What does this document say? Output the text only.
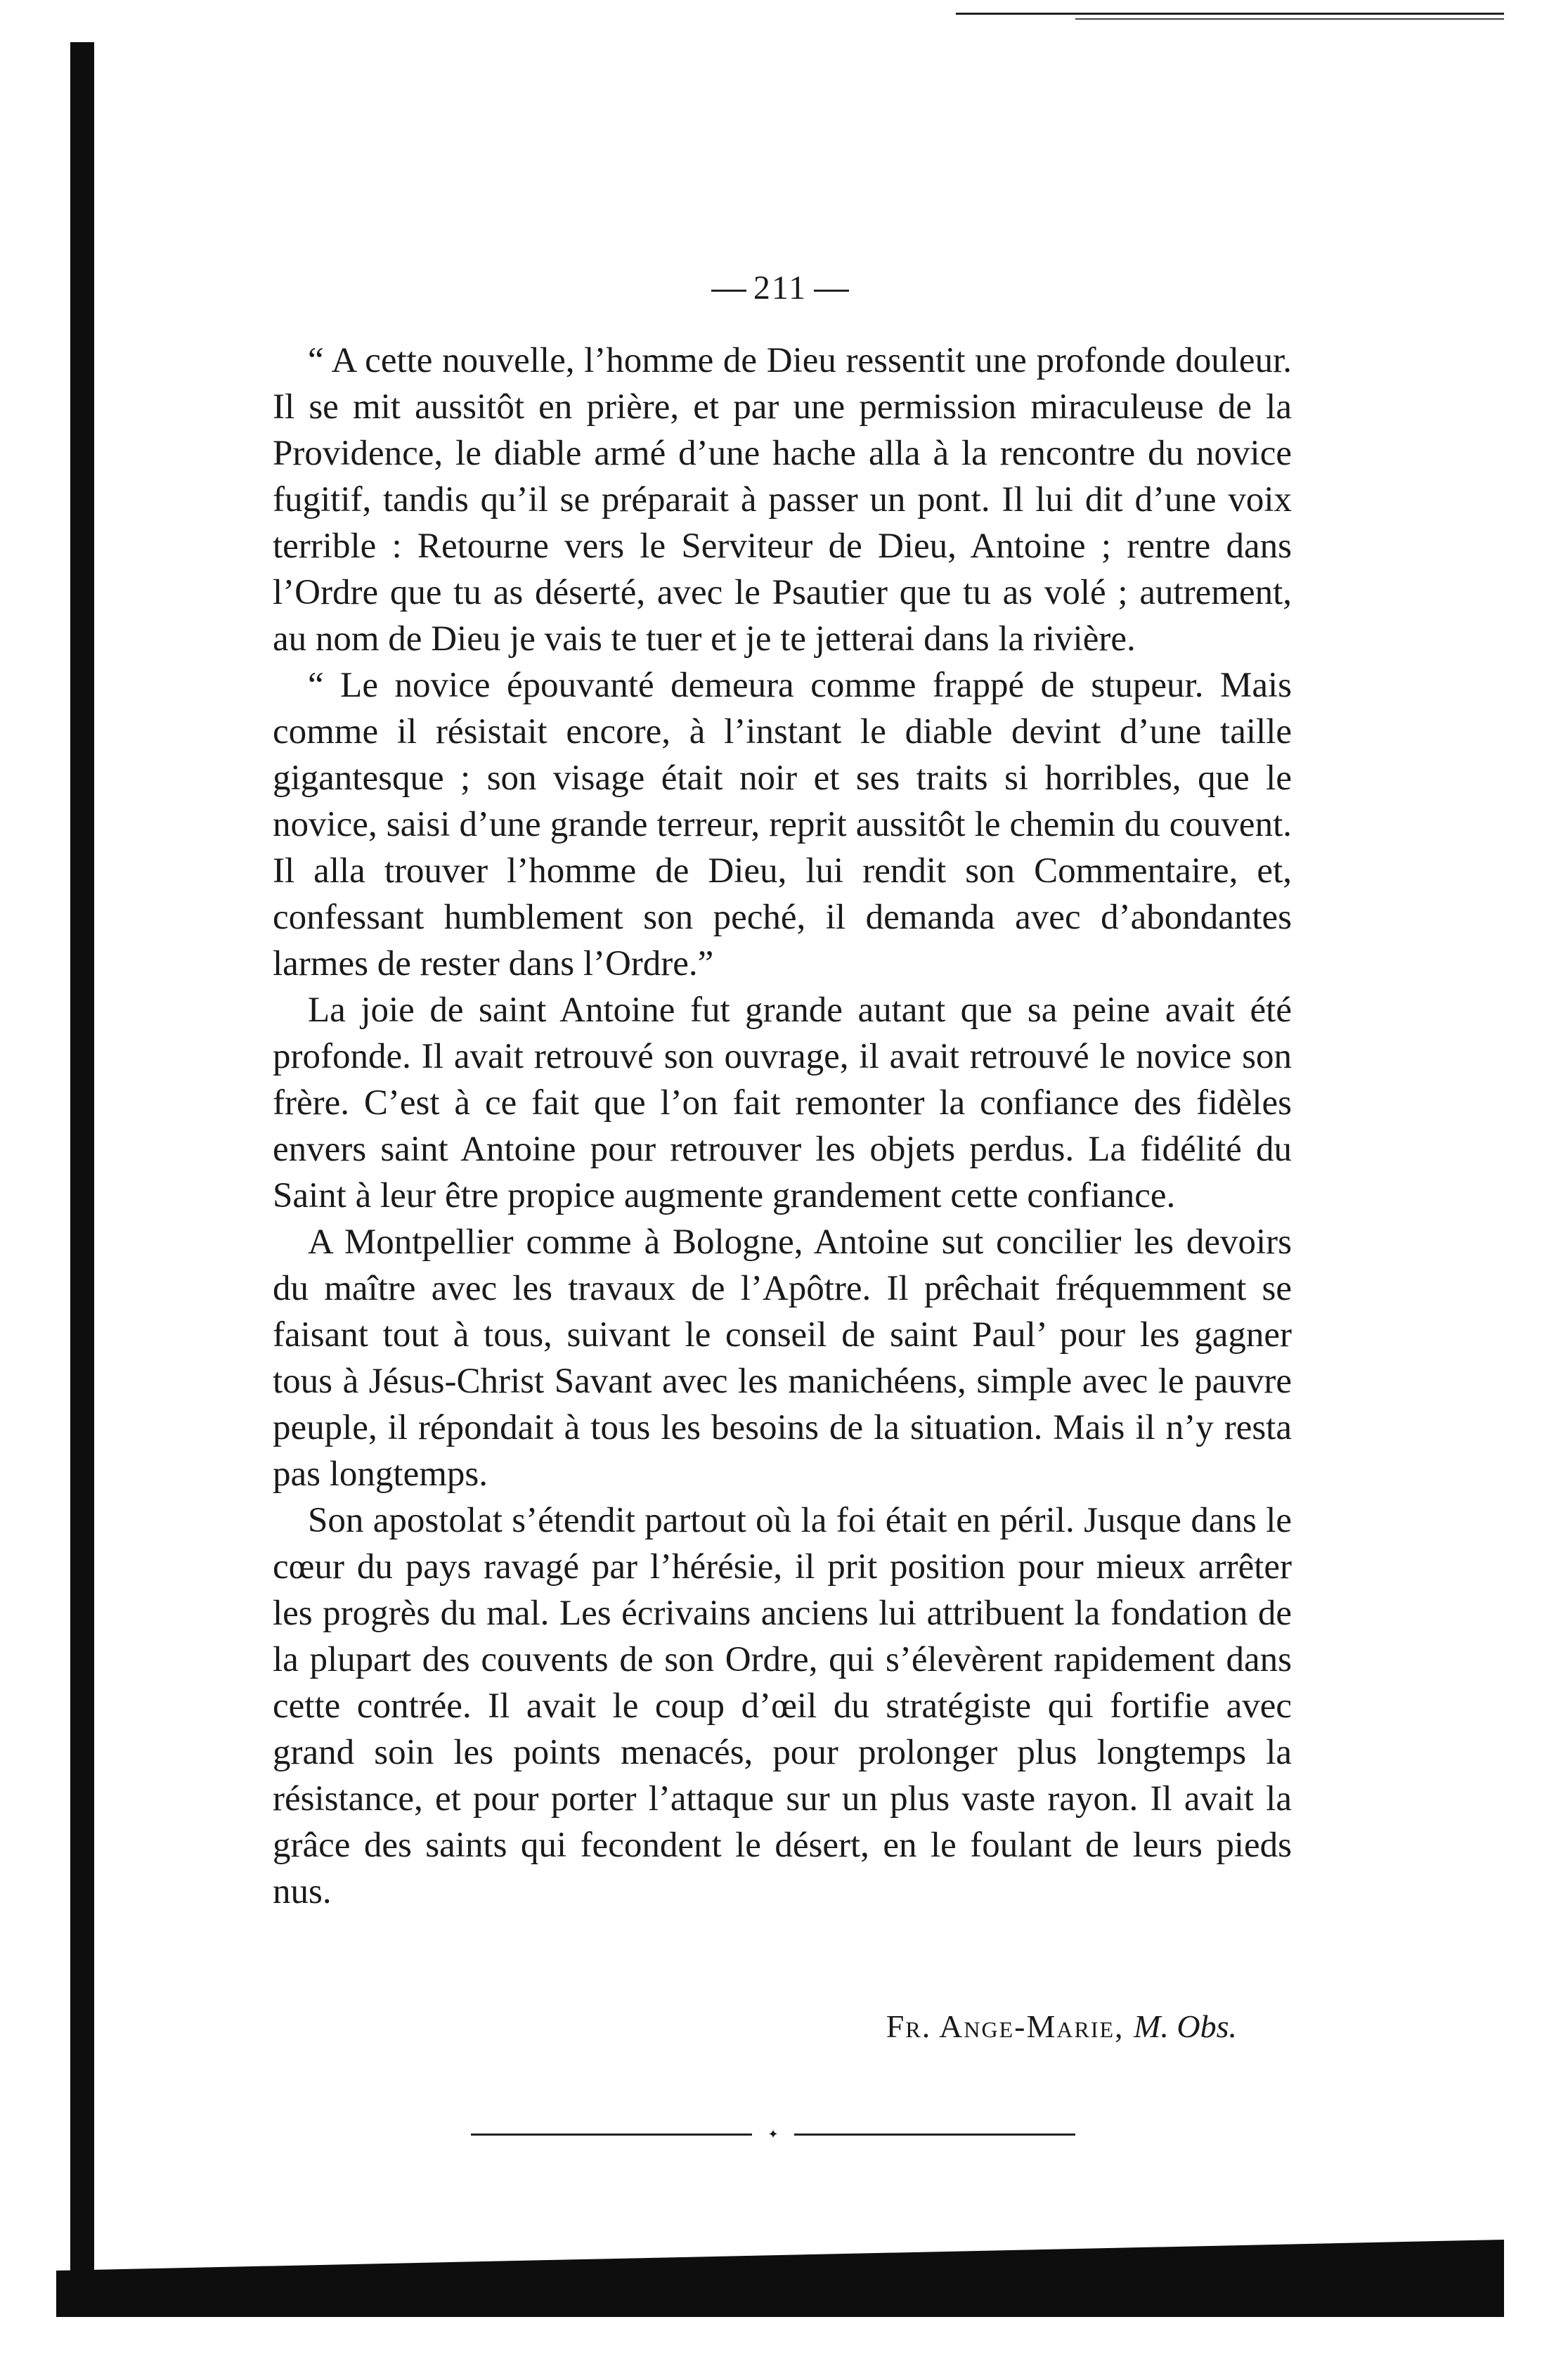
211

“ A cette nouvelle, l’homme de Dieu ressentit une profonde douleur. Il se mit aussitôt en prière, et par une permission miraculeuse de la Providence, le diable armé d’une hache alla à la rencontre du novice fugitif, tandis qu’il se préparait à passer un pont. Il lui dit d’une voix terrible : Retourne vers le Serviteur de Dieu, Antoine ; rentre dans l’Ordre que tu as déserté, avec le Psautier que tu as volé ; autrement, au nom de Dieu je vais te tuer et je te jetterai dans la rivière.

“ Le novice épouvanté demeura comme frappé de stupeur. Mais comme il résistait encore, à l’instant le diable devint d’une taille gigantesque ; son visage était noir et ses traits si horribles, que le novice, saisi d’une grande terreur, reprit aussitôt le chemin du couvent. Il alla trouver l’homme de Dieu, lui rendit son Commentaire, et, confessant humblement son peché, il demanda avec d’abondantes larmes de rester dans l’Ordre.”

La joie de saint Antoine fut grande autant que sa peine avait été profonde. Il avait retrouvé son ouvrage, il avait retrouvé le novice son frère. C’est à ce fait que l’on fait remonter la confiance des fidèles envers saint Antoine pour retrouver les objets perdus. La fidélité du Saint à leur être propice augmente grandement cette confiance.

A Montpellier comme à Bologne, Antoine sut concilier les devoirs du maître avec les travaux de l’Apôtre. Il prêchait fréquemment se faisant tout à tous, suivant le conseil de saint Paul’ pour les gagner tous à Jésus-Christ Savant avec les manichéens, simple avec le pauvre peuple, il répondait à tous les besoins de la situation. Mais il n’y resta pas longtemps.

Son apostolat s’étendit partout où la foi était en péril. Jusque dans le cœur du pays ravagé par l’hérésie, il prit position pour mieux arrêter les progrès du mal. Les écrivains anciens lui attribuent la fondation de la plupart des couvents de son Ordre, qui s’élevèrent rapidement dans cette contrée. Il avait le coup d’œil du stratégiste qui fortifie avec grand soin les points menacés, pour prolonger plus longtemps la résistance, et pour porter l’attaque sur un plus vaste rayon. Il avait la grâce des saints qui fecondent le désert, en le foulant de leurs pieds nus.

Fr. Ange-Marie, M. Obs.
✦
